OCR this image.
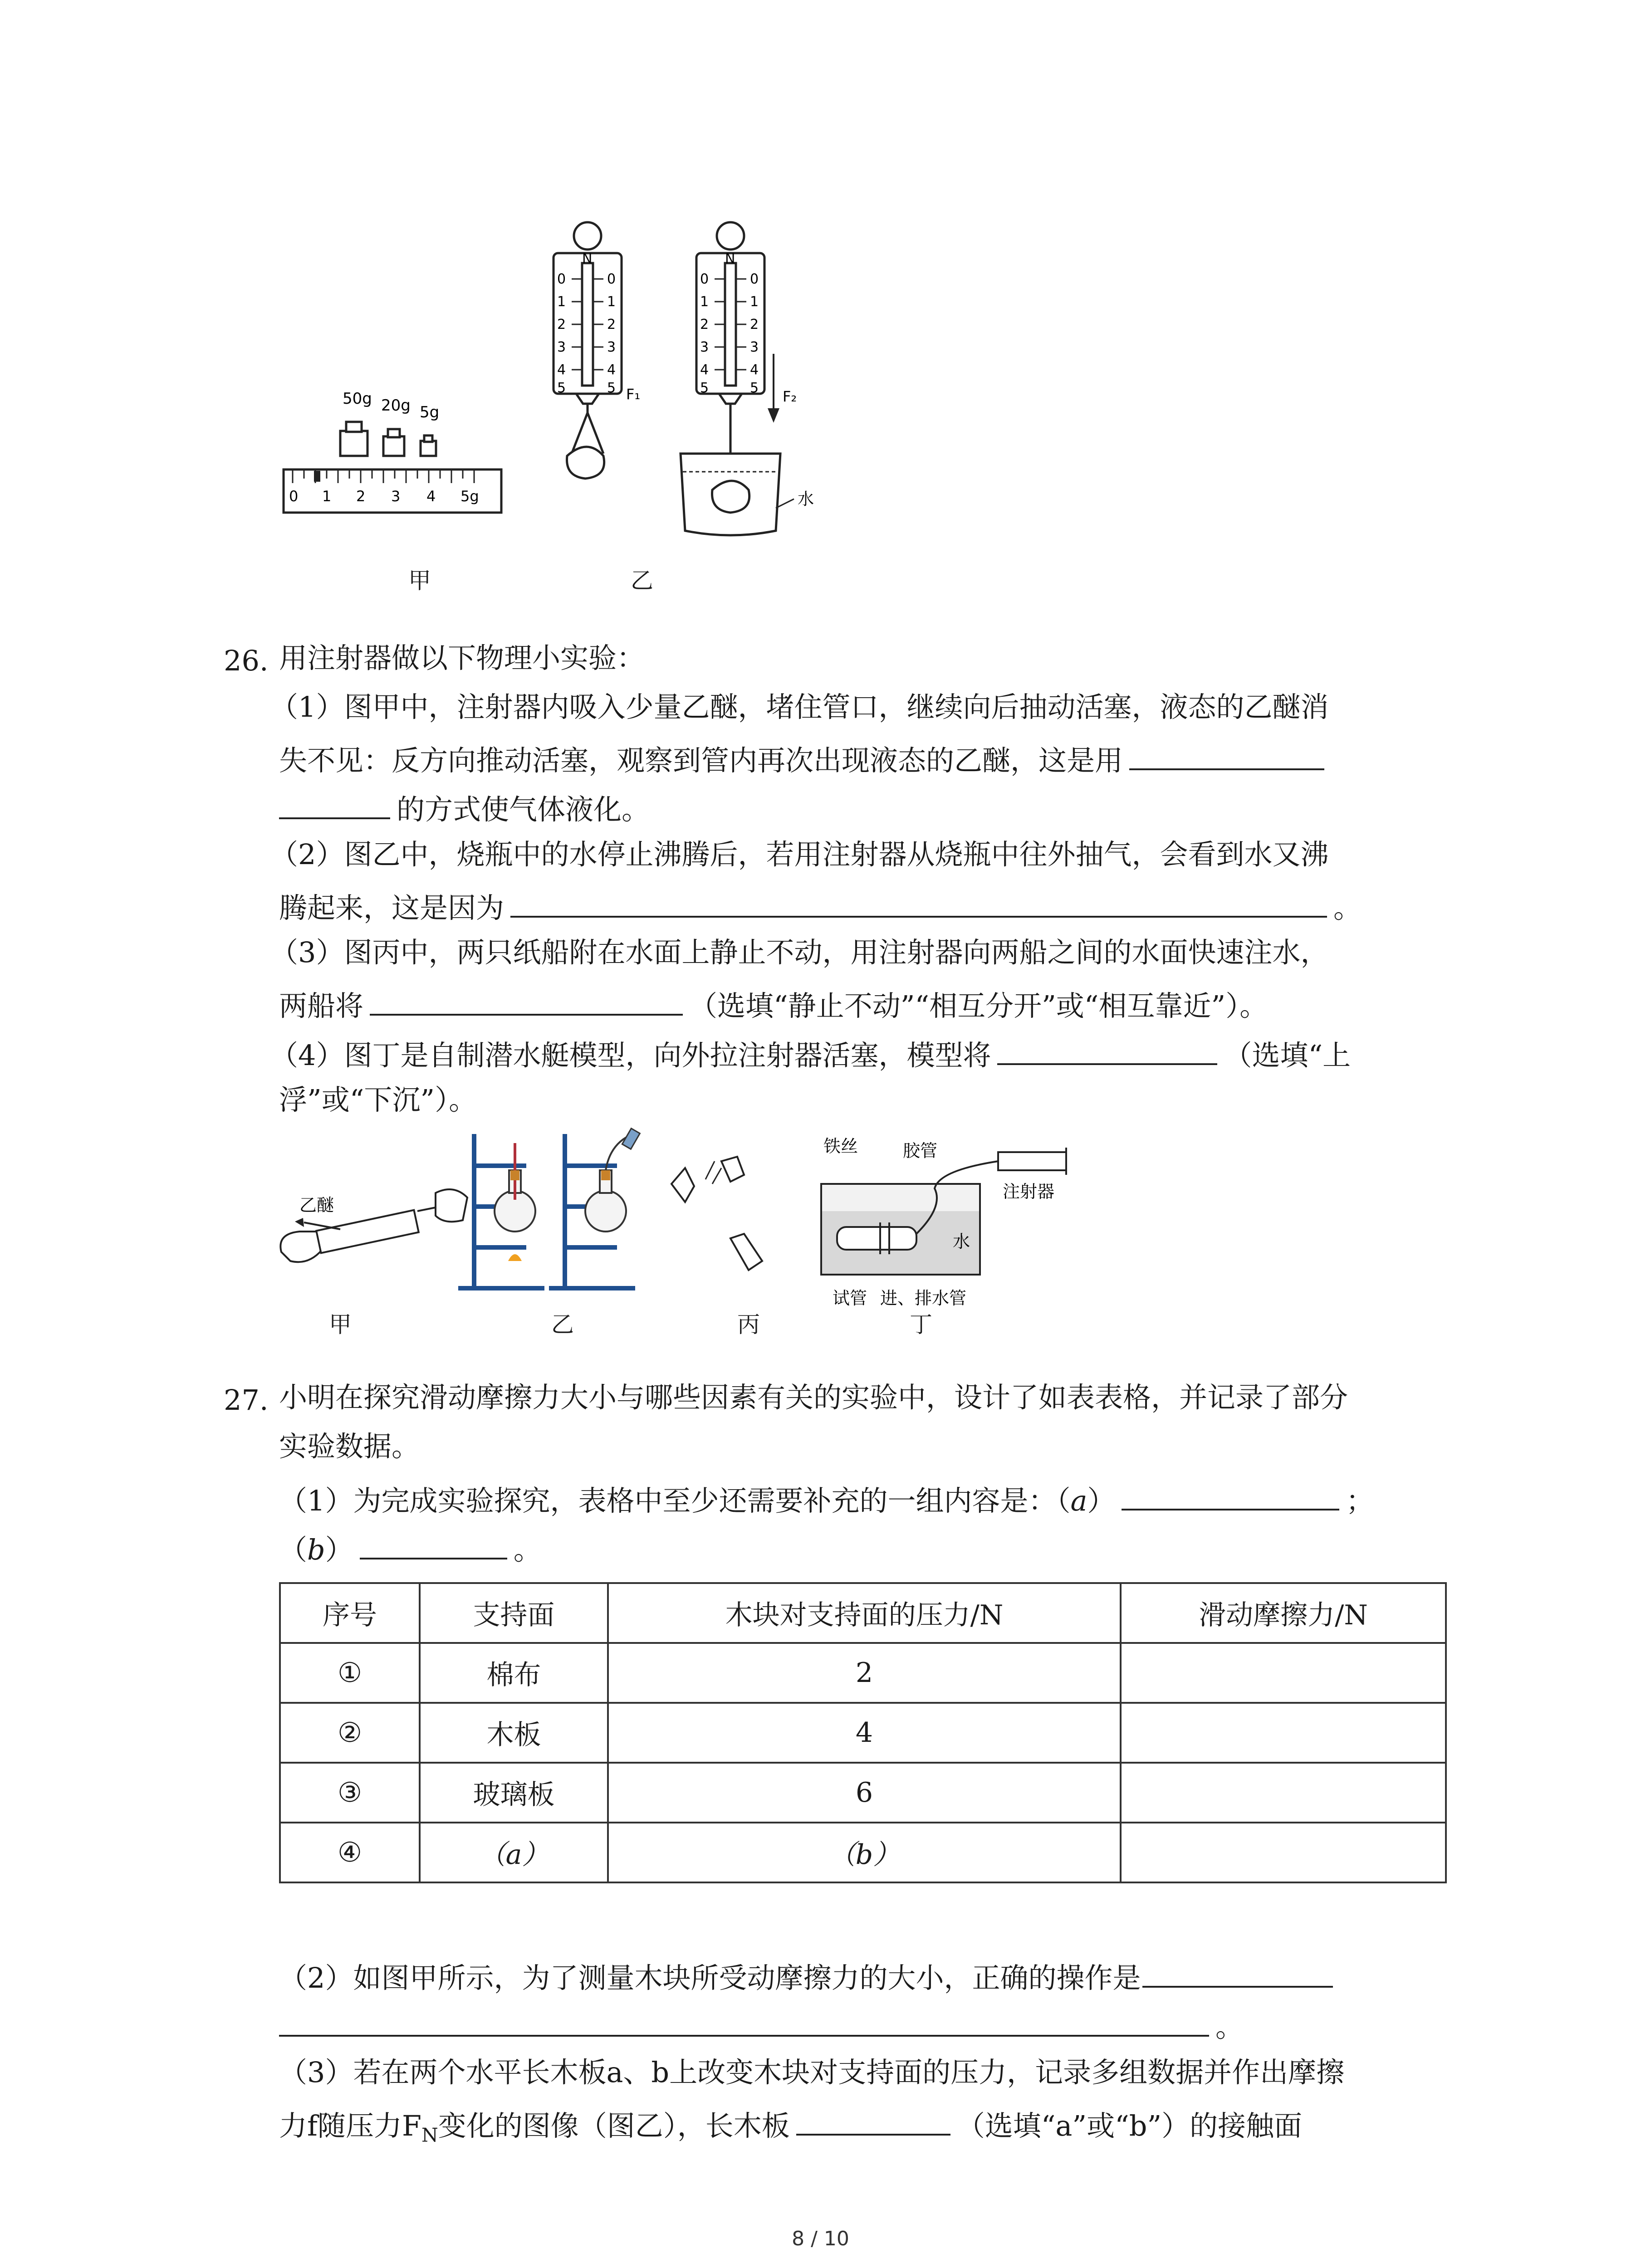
50g 20g 5g
0 1 2 3 4 5g
N
0	0
1	1
2	2
3	3
4	4
5	5 F₁
N
0	0
1	1
2	2
3	3
4	4
5	5 F₂
水
甲	乙
26. 用注射器做以下物理小实验：
（1）图甲中，注射器内吸入少量乙醚，堵住管口，继续向后抽动活塞，液态的乙醚消
失不见：反方向推动活塞，观察到管内再次出现液态的乙醚，这是用
的方式使气体液化。
（2）图乙中，烧瓶中的水停止沸腾后，若用注射器从烧瓶中往外抽气，会看到水又沸
腾起来，这是因为	。
（3）图丙中，两只纸船附在水面上静止不动，用注射器向两船之间的水面快速注水，
两船将	（选填“静止不动”“相互分开”或“相互靠近”）。
（4）图丁是自制潜水艇模型，向外拉注射器活塞，模型将	（选填“上
浮”或“下沉”）。
乙醚
铁丝	胶管
注射器
水
试管 进、排水管
甲	乙	丙	丁
27. 小明在探究滑动摩擦力大小与哪些因素有关的实验中，设计了如表表格，并记录了部分
实验数据。
（1）为完成实验探究，表格中至少还需要补充的一组内容是：（a）	；
（b）	。
序号	支持面	木块对支持面的压力/N	滑动摩擦力/N
①	棉布	2	
②	木板	4	
③	玻璃板	6	
④	（a）	（b）	
（2）如图甲所示，为了测量木块所受动摩擦力的大小，正确的操作是
。
（3）若在两个水平长木板a、b上改变木块对支持面的压力，记录多组数据并作出摩擦
力f随压力$F_N$变化的图像（图乙），长木板	（选填“a”或“b”）的接触面
8 / 10
